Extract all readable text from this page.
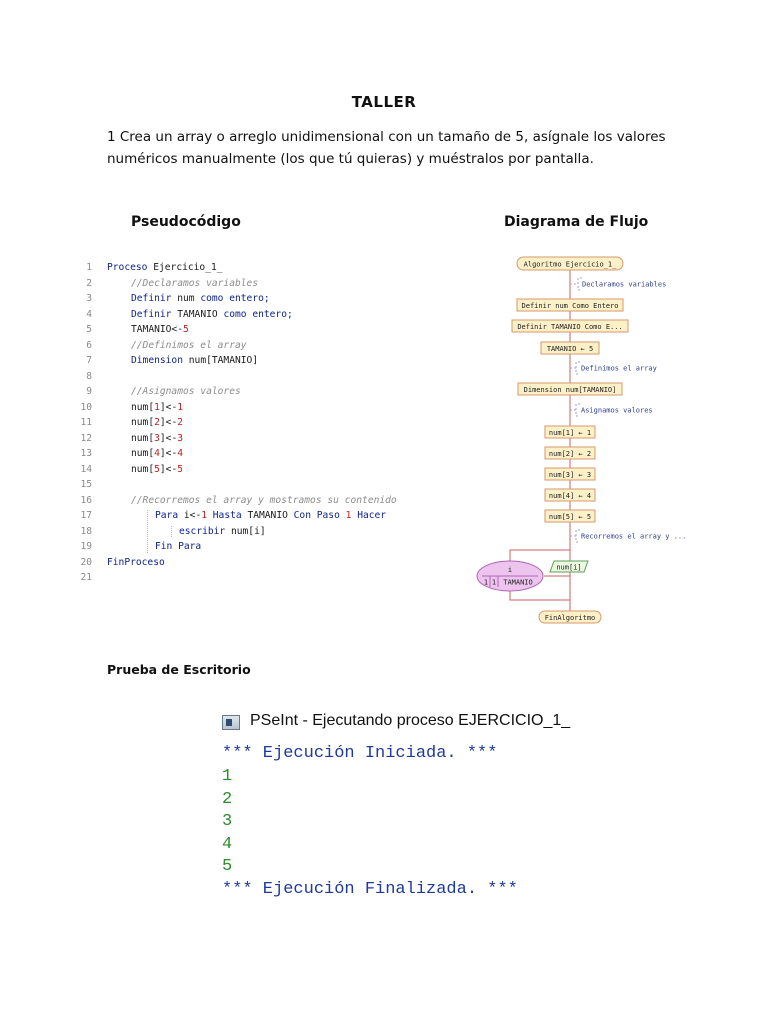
TALLER
1 Crea un array o arreglo unidimensional con un tamaño de 5, asígnale los valores numéricos manualmente (los que tú quieras) y muéstralos por pantalla.
Pseudocódigo	Diagrama de Flujo
1 Proceso Ejercicio_1_
2	//Declaramos variables
3	Definir num como entero;
4	Definir TAMANIO como entero;
5	TAMANIO<-5
6	//Definimos el array
7	Dimension num[TAMANIO]
8
9	//Asignamos valores
10	num[1]<-1
11	num[2]<-2
12	num[3]<-3
13	num[4]<-4
14	num[5]<-5
15
16	//Recorremos el array y mostramos su contenido
17	Para i<-1 Hasta TAMANIO Con Paso 1 Hacer
18	escribir num[i]
19	Fin Para
20 FinProceso
21
Algoritmo Ejercicio_1_
Declaramos variables
Definir num Como Entero
Definir TAMANIO Como E...
TAMANIO ← 5
Definimos el array
Dimension num[TAMANIO]
Asignamos valores
num[1] ← 1
num[2] ← 2
num[3] ← 3
num[4] ← 4
num[5] ← 5
Recorremos el array y ...
i
1 1 TAMANIO
num[i]
FinAlgoritmo
Prueba de Escritorio
PSeInt - Ejecutando proceso EJERCICIO_1_
*** Ejecución Iniciada. ***
1
2
3
4
5
*** Ejecución Finalizada. ***
